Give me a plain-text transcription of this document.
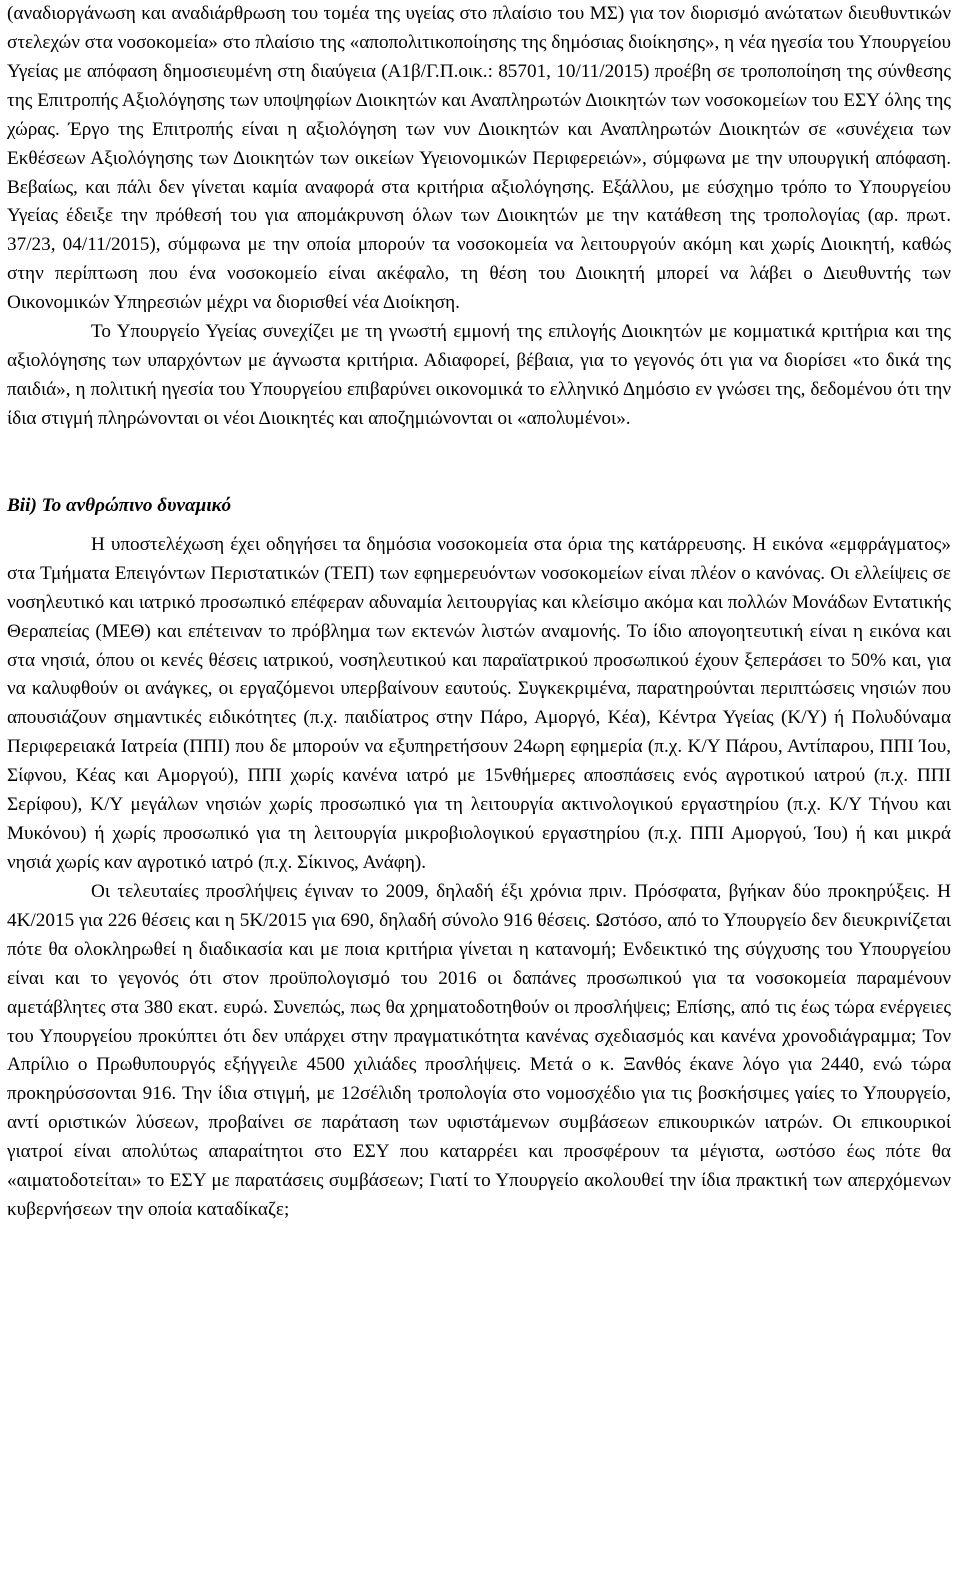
(αναδιοργάνωση και αναδιάρθρωση του τομέα της υγείας στο πλαίσιο του ΜΣ) για τον διορισμό ανώτατων διευθυντικών στελεχών στα νοσοκομεία» στο πλαίσιο της «αποπολιτικοποίησης της δημόσιας διοίκησης», η νέα ηγεσία του Υπουργείου Υγείας με απόφαση δημοσιευμένη στη διαύγεια (Α1β/Γ.Π.οικ.: 85701, 10/11/2015) προέβη σε τροποποίηση της σύνθεσης της Επιτροπής Αξιολόγησης των υποψηφίων Διοικητών και Αναπληρωτών Διοικητών των νοσοκομείων του ΕΣΥ όλης της χώρας. Έργο της Επιτροπής είναι η αξιολόγηση των νυν Διοικητών και Αναπληρωτών Διοικητών σε «συνέχεια των Εκθέσεων Αξιολόγησης των Διοικητών των οικείων Υγειονομικών Περιφερειών», σύμφωνα με την υπουργική απόφαση. Βεβαίως, και πάλι δεν γίνεται καμία αναφορά στα κριτήρια αξιολόγησης. Εξάλλου, με εύσχημο τρόπο το Υπουργείου Υγείας έδειξε την πρόθεσή του για απομάκρυνση όλων των Διοικητών με την κατάθεση της τροπολογίας (αρ. πρωτ. 37/23, 04/11/2015), σύμφωνα με την οποία μπορούν τα νοσοκομεία να λειτουργούν ακόμη και χωρίς Διοικητή, καθώς στην περίπτωση που ένα νοσοκομείο είναι ακέφαλο, τη θέση του Διοικητή μπορεί να λάβει ο Διευθυντής των Οικονομικών Υπηρεσιών μέχρι να διορισθεί νέα Διοίκηση.

Το Υπουργείο Υγείας συνεχίζει με τη γνωστή εμμονή της επιλογής Διοικητών με κομματικά κριτήρια και της αξιολόγησης των υπαρχόντων με άγνωστα κριτήρια. Αδιαφορεί, βέβαια, για το γεγονός ότι για να διορίσει «το δικά της παιδιά», η πολιτική ηγεσία του Υπουργείου επιβαρύνει οικονομικά το ελληνικό Δημόσιο εν γνώσει της, δεδομένου ότι την ίδια στιγμή πληρώνονται οι νέοι Διοικητές και αποζημιώνονται οι «απολυμένοι».

Βii) Το ανθρώπινο δυναμικό

Η υποστελέχωση έχει οδηγήσει τα δημόσια νοσοκομεία στα όρια της κατάρρευσης. Η εικόνα «εμφράγματος» στα Τμήματα Επειγόντων Περιστατικών (ΤΕΠ) των εφημερευόντων νοσοκομείων είναι πλέον ο κανόνας. Οι ελλείψεις σε νοσηλευτικό και ιατρικό προσωπικό επέφεραν αδυναμία λειτουργίας και κλείσιμο ακόμα και πολλών Μονάδων Εντατικής Θεραπείας (ΜΕΘ) και επέτειναν το πρόβλημα των εκτενών λιστών αναμονής. Το ίδιο απογοητευτική είναι η εικόνα και στα νησιά, όπου οι κενές θέσεις ιατρικού, νοσηλευτικού και παραϊατρικού προσωπικού έχουν ξεπεράσει το 50% και, για να καλυφθούν οι ανάγκες, οι εργαζόμενοι υπερβαίνουν εαυτούς. Συγκεκριμένα, παρατηρούνται περιπτώσεις νησιών που απουσιάζουν σημαντικές ειδικότητες (π.χ. παιδίατρος στην Πάρο, Αμοργό, Κέα), Κέντρα Υγείας (Κ/Υ) ή Πολυδύναμα Περιφερειακά Ιατρεία (ΠΠΙ) που δε μπορούν να εξυπηρετήσουν 24ωρη εφημερία (π.χ. Κ/Υ Πάρου, Αντίπαρου, ΠΠΙ Ίου, Σίφνου, Κέας και Αμοργού), ΠΠΙ χωρίς κανένα ιατρό με 15νθήμερες αποσπάσεις ενός αγροτικού ιατρού (π.χ. ΠΠΙ Σερίφου), Κ/Υ μεγάλων νησιών χωρίς προσωπικό για τη λειτουργία ακτινολογικού εργαστηρίου (π.χ. Κ/Υ Τήνου και Μυκόνου) ή χωρίς προσωπικό για τη λειτουργία μικροβιολογικού εργαστηρίου (π.χ. ΠΠΙ Αμοργού, Ίου) ή και μικρά νησιά χωρίς καν αγροτικό ιατρό (π.χ. Σίκινος, Ανάφη).

Οι τελευταίες προσλήψεις έγιναν το 2009, δηλαδή έξι χρόνια πριν. Πρόσφατα, βγήκαν δύο προκηρύξεις. Η 4Κ/2015 για 226 θέσεις και η 5Κ/2015 για 690, δηλαδή σύνολο 916 θέσεις. Ωστόσο, από το Υπουργείο δεν διευκρινίζεται πότε θα ολοκληρωθεί η διαδικασία και με ποια κριτήρια γίνεται η κατανομή; Ενδεικτικό της σύγχυσης του Υπουργείου είναι και το γεγονός ότι στον προϋπολογισμό του 2016 οι δαπάνες προσωπικού για τα νοσοκομεία παραμένουν αμετάβλητες στα 380 εκατ. ευρώ. Συνεπώς, πως θα χρηματοδοτηθούν οι προσλήψεις; Επίσης, από τις έως τώρα ενέργειες του Υπουργείου προκύπτει ότι δεν υπάρχει στην πραγματικότητα κανένας σχεδιασμός και κανένα χρονοδιάγραμμα; Τον Απρίλιο ο Πρωθυπουργός εξήγγειλε 4500 χιλιάδες προσλήψεις. Μετά ο κ. Ξανθός έκανε λόγο για 2440, ενώ τώρα προκηρύσσονται 916. Την ίδια στιγμή, με 12σέλιδη τροπολογία στο νομοσχέδιο για τις βοσκήσιμες γαίες το Υπουργείο, αντί οριστικών λύσεων, προβαίνει σε παράταση των υφιστάμενων συμβάσεων επικουρικών ιατρών. Οι επικουρικοί γιατροί είναι απολύτως απαραίτητοι στο ΕΣΥ που καταρρέει και προσφέρουν τα μέγιστα, ωστόσο έως πότε θα «αιματοδοτείται» το ΕΣΥ με παρατάσεις συμβάσεων; Γιατί το Υπουργείο ακολουθεί την ίδια πρακτική των απερχόμενων κυβερνήσεων την οποία καταδίκαζε;
